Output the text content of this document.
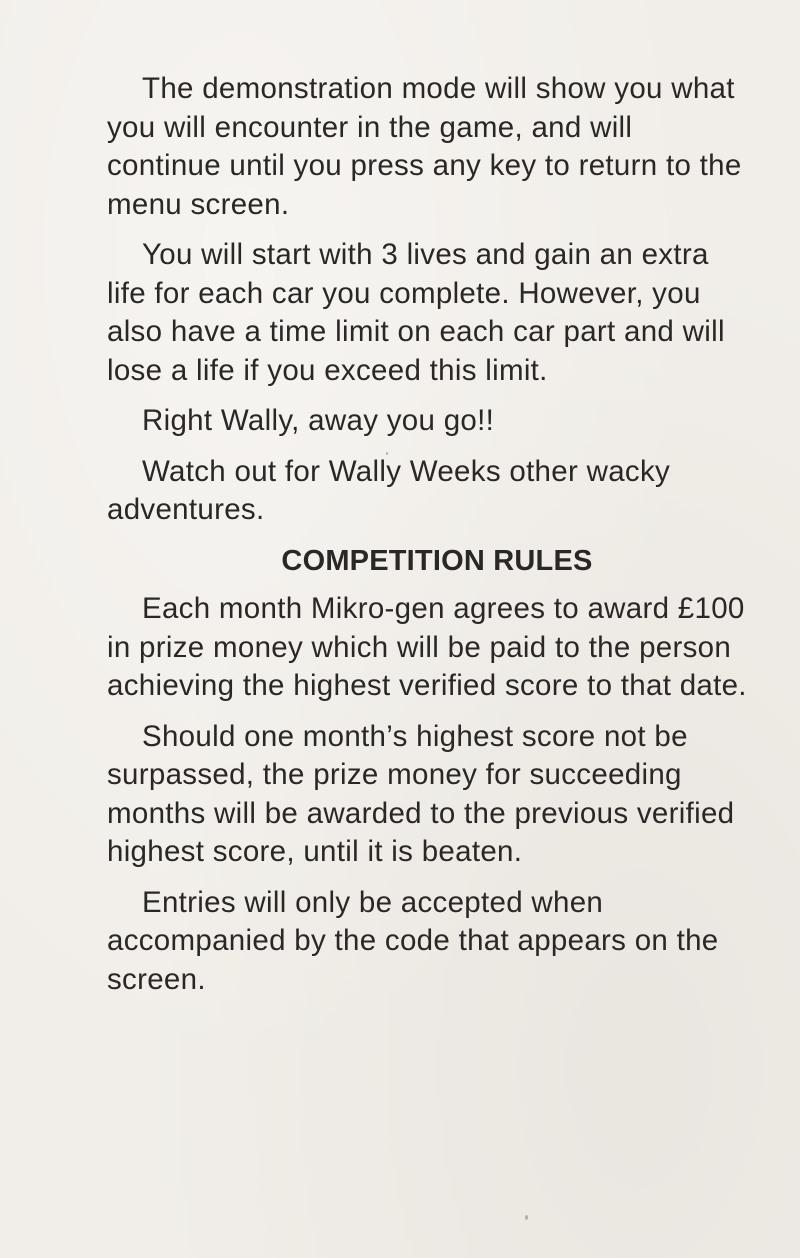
The demonstration mode will show you what you will encounter in the game, and will continue until you press any key to return to the menu screen.

You will start with 3 lives and gain an extra life for each car you complete. However, you also have a time limit on each car part and will lose a life if you exceed this limit.

Right Wally, away you go!!

Watch out for Wally Weeks other wacky adventures.

COMPETITION RULES

Each month Mikro-gen agrees to award £100 in prize money which will be paid to the person achieving the highest verified score to that date.

Should one month’s highest score not be surpassed, the prize money for succeeding months will be awarded to the previous verified highest score, until it is beaten.

Entries will only be accepted when accompanied by the code that appears on the screen.
